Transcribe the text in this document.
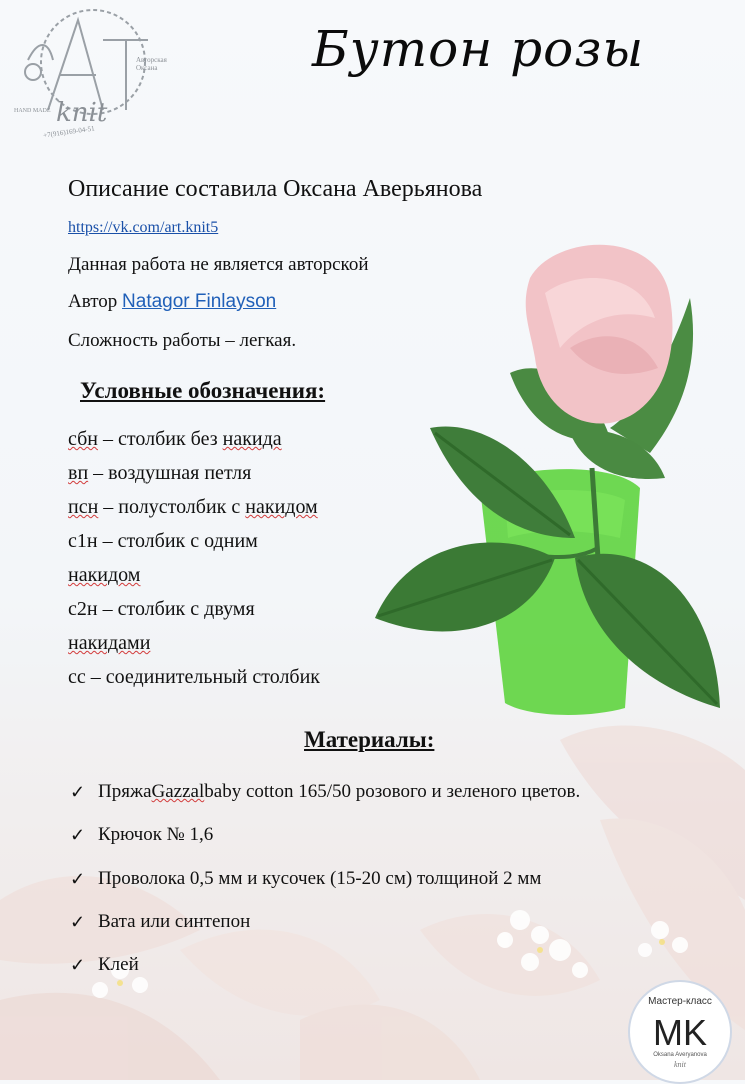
knit
+7(916)169-04-51
HAND MADE
Авторская Оксана	Бутон розы
Описание составила Оксана Аверьянова
https://vk.com/art.knit5
Данная работа не является авторской
Автор Natagor Finlayson
Сложность работы – легкая.
Условные обозначения:
сбн – столбик без накида
вп – воздушная петля
псн – полустолбик с накидом
с1н – столбик с одним
накидом
с2н – столбик с двумя
накидами
сс – соединительный столбик
Материалы:
✓ Пряжа Gazzal baby cotton 165/50 розового и зеленого цветов.
✓ Крючок № 1,6
✓ Проволока 0,5 мм и кусочек (15-20 см) толщиной 2 мм
✓ Вата или синтепон
✓ Клей
Мастер-класс
MK
Oksana Averyanova
knit
